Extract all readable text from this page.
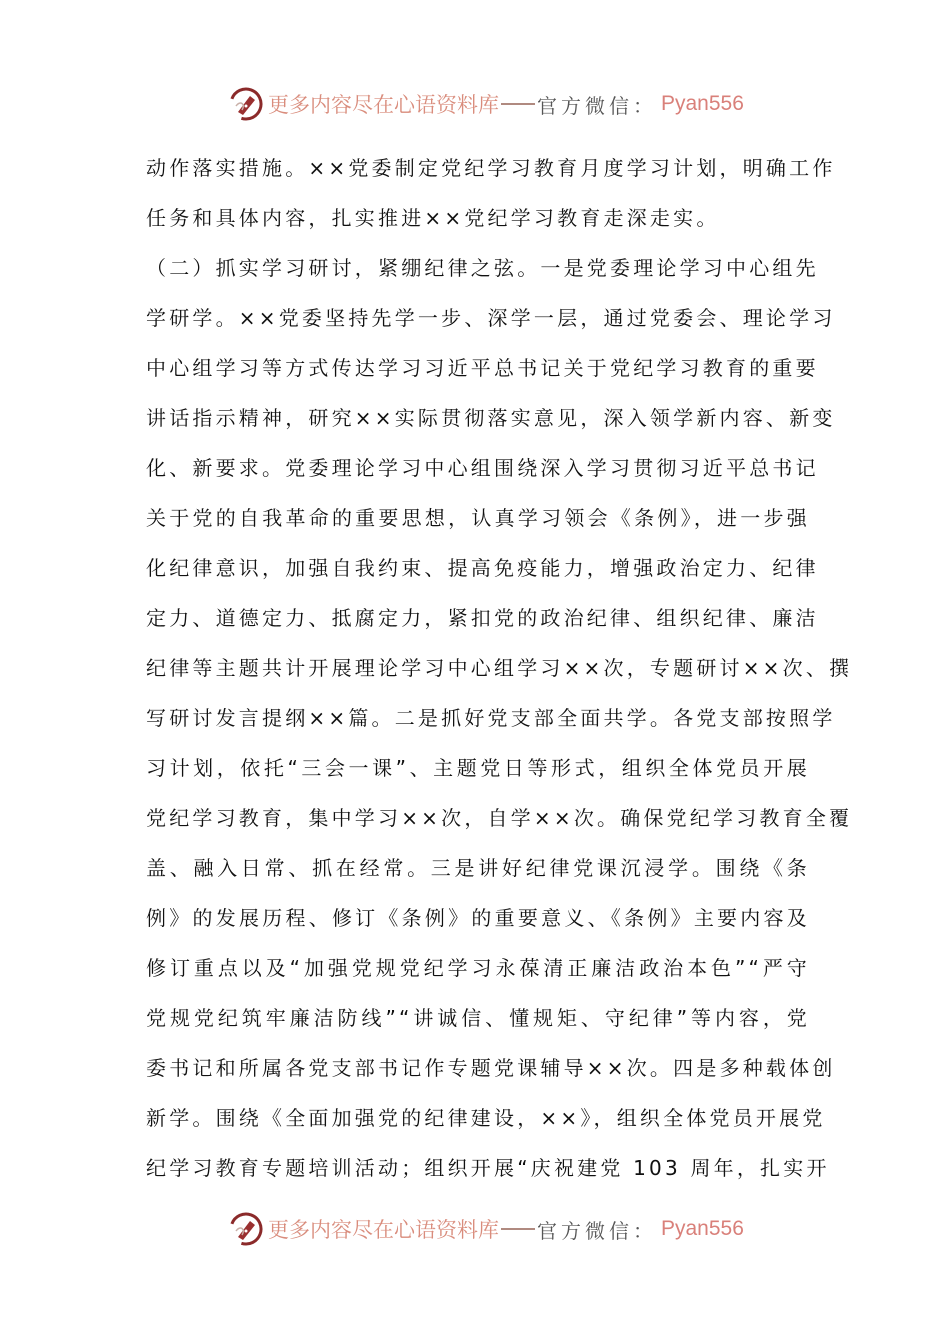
更多内容尽在心语资料库 官方微信： Pyan556
动作落实措施。××党委制定党纪学习教育月度学习计划，明确工作
任务和具体内容，扎实推进××党纪学习教育走深走实。
（二）抓实学习研讨，紧绷纪律之弦。一是党委理论学习中心组先
学研学。××党委坚持先学一步、深学一层，通过党委会、理论学习
中心组学习等方式传达学习习近平总书记关于党纪学习教育的重要
讲话指示精神，研究××实际贯彻落实意见，深入领学新内容、新变
化、新要求。党委理论学习中心组围绕深入学习贯彻习近平总书记
关于党的自我革命的重要思想，认真学习领会《条例》，进一步强
化纪律意识，加强自我约束、提高免疫能力，增强政治定力、纪律
定力、道德定力、抵腐定力，紧扣党的政治纪律、组织纪律、廉洁
纪律等主题共计开展理论学习中心组学习××次，专题研讨××次、撰
写研讨发言提纲××篇。二是抓好党支部全面共学。各党支部按照学
习计划，依托“三会一课”、主题党日等形式，组织全体党员开展
党纪学习教育，集中学习××次，自学××次。确保党纪学习教育全覆
盖、融入日常、抓在经常。三是讲好纪律党课沉浸学。围绕《条
例》的发展历程、修订《条例》的重要意义、《条例》主要内容及
修订重点以及“加强党规党纪学习永葆清正廉洁政治本色”“严守
党规党纪筑牢廉洁防线”“讲诚信、懂规矩、守纪律”等内容，党
委书记和所属各党支部书记作专题党课辅导××次。四是多种载体创
新学。围绕《全面加强党的纪律建设，××》，组织全体党员开展党
纪学习教育专题培训活动；组织开展“庆祝建党 103 周年，扎实开
更多内容尽在心语资料库 官方微信： Pyan556
